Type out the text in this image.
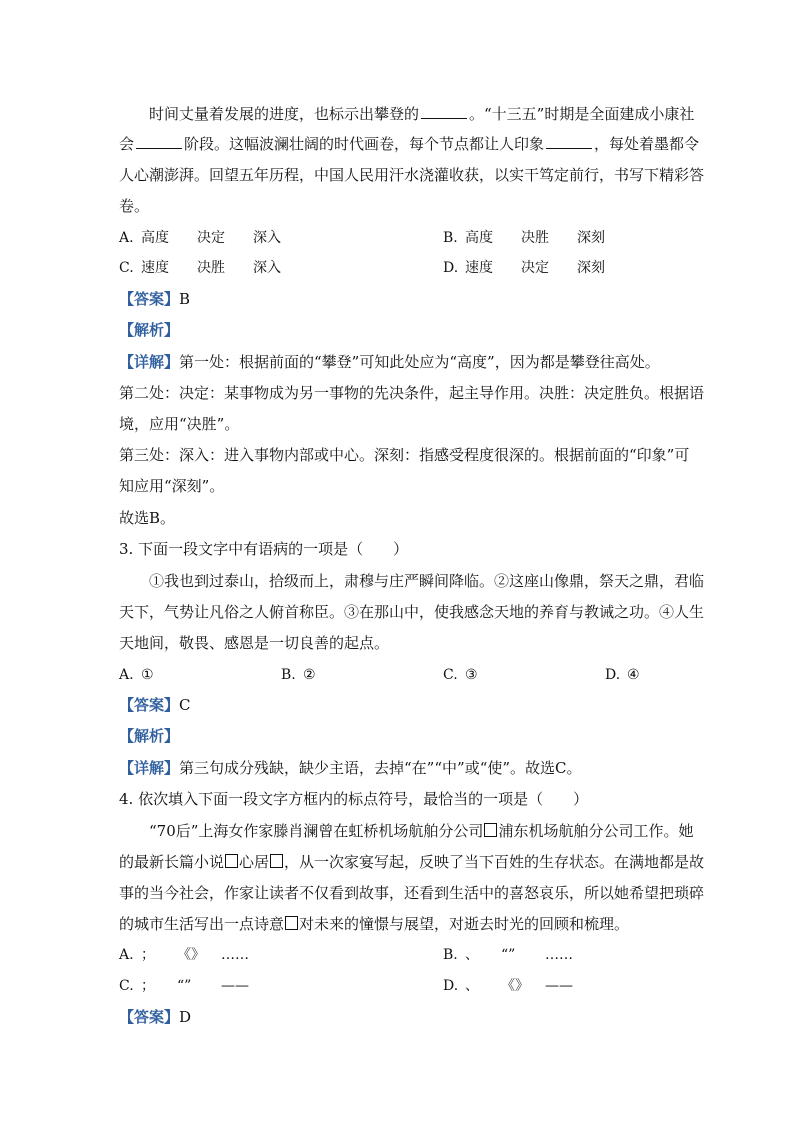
时间丈量着发展的进度，也标示出攀登的	。“十三五”时期是全面建成小康社
会	阶段。这幅波澜壮阔的时代画卷，每个节点都让人印象	，每处着墨都令
人心潮澎湃。回望五年历程，中国人民用汗水浇灌收获，以实干笃定前行，书写下精彩答
卷。
A. 高度 决定 深入	B. 高度 决胜 深刻
C. 速度 决胜 深入	D. 速度 决定 深刻
【答案】B
【解析】
【详解】第一处：根据前面的“攀登”可知此处应为“高度”，因为都是攀登往高处。
第二处：决定：某事物成为另一事物的先决条件，起主导作用。决胜：决定胜负。根据语
境，应用“决胜”。
第三处：深入：进入事物内部或中心。深刻：指感受程度很深的。根据前面的“印象”可
知应用“深刻”。
故选B。
3. 下面一段文字中有语病的一项是（　　）
①我也到过泰山，拾级而上，肃穆与庄严瞬间降临。②这座山像鼎，祭天之鼎，君临
天下，气势让凡俗之人俯首称臣。③在那山中，使我感念天地的养育与教诫之功。④人生
天地间，敬畏、感恩是一切良善的起点。
A. ①	B. ②	C. ③	D. ④
【答案】C
【解析】
【详解】第三句成分残缺，缺少主语，去掉“在”“中”或“使”。故选C。
4. 依次填入下面一段文字方框内的标点符号，最恰当的一项是（　　）
“70后”上海女作家滕肖澜曾在虹桥机场航舶分公司 浦东机场航舶分公司工作。她
的最新长篇小说 心居 ，从一次家宴写起，反映了当下百姓的生存状态。在满地都是故
事的当今社会，作家让读者不仅看到故事，还看到生活中的喜怒哀乐，所以她希望把琐碎
的城市生活写出一点诗意 对未来的憧憬与展望，对逝去时光的回顾和梳理。
A. ； 《》 ……	B. 、 “” ……
C. ； “” ——	D. 、 《》 ——
【答案】D
